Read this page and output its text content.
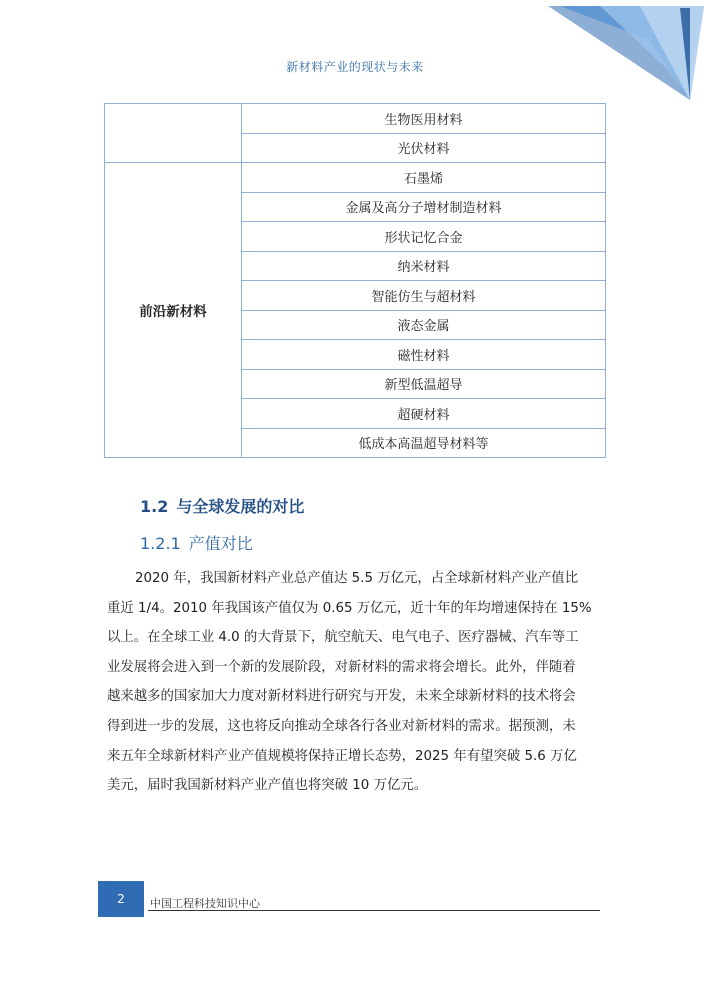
新材料产业的现状与未来
	生物医用材料
	光伏材料
前沿新材料	石墨烯
	金属及高分子增材制造材料
	形状记忆合金
	纳米材料
	智能仿生与超材料
	液态金属
	磁性材料
	新型低温超导
	超硬材料
	低成本高温超导材料等
1.2 与全球发展的对比
1.2.1 产值对比
2020 年，我国新材料产业总产值达 5.5 万亿元，占全球新材料产业产值比
重近 1/4。2010 年我国该产值仅为 0.65 万亿元，近十年的年均增速保持在 15%
以上。在全球工业 4.0 的大背景下，航空航天、电气电子、医疗器械、汽车等工
业发展将会进入到一个新的发展阶段，对新材料的需求将会增长。此外，伴随着
越来越多的国家加大力度对新材料进行研究与开发，未来全球新材料的技术将会
得到进一步的发展，这也将反向推动全球各行各业对新材料的需求。据预测，未
来五年全球新材料产业产值规模将保持正增长态势，2025 年有望突破 5.6 万亿
美元，届时我国新材料产业产值也将突破 10 万亿元。
2 中国工程科技知识中心
